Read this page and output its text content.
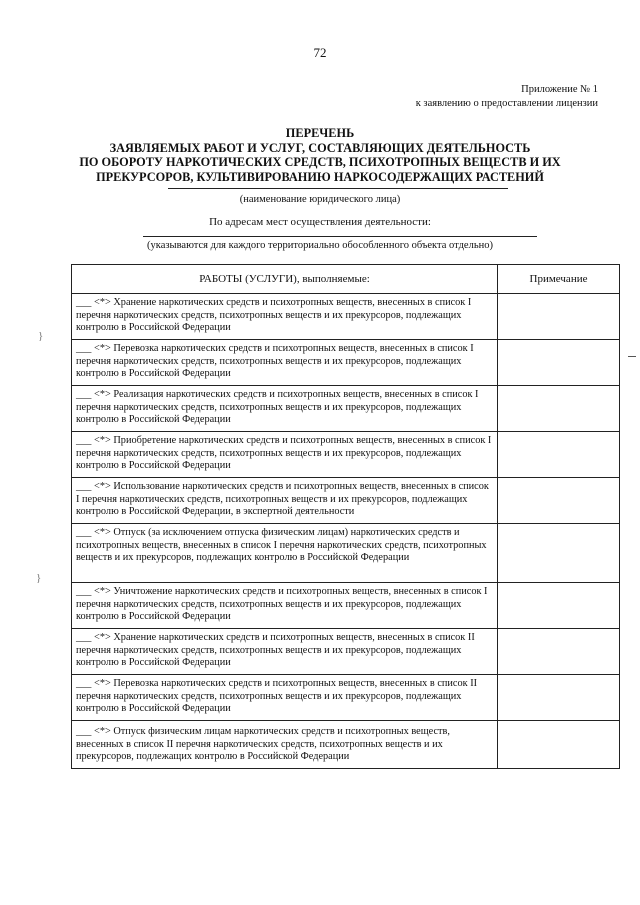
72
Приложение № 1
к заявлению о предоставлении лицензии
ПЕРЕЧЕНЬ
ЗАЯВЛЯЕМЫХ РАБОТ И УСЛУГ, СОСТАВЛЯЮЩИХ ДЕЯТЕЛЬНОСТЬ
ПО ОБОРОТУ НАРКОТИЧЕСКИХ СРЕДСТВ, ПСИХОТРОПНЫХ ВЕЩЕСТВ И ИХ
ПРЕКУРСОРОВ, КУЛЬТИВИРОВАНИЮ НАРКОСОДЕРЖАЩИХ РАСТЕНИЙ
(наименование юридического лица)
По адресам мест осуществления деятельности:
(указываются для каждого территориально обособленного объекта отдельно)
РАБОТЫ (УСЛУГИ), выполняемые:	Примечание
___ <*> Хранение наркотических средств и психотропных веществ, внесенных в список I перечня наркотических средств, психотропных веществ и их прекурсоров, подлежащих контролю в Российской Федерации	
___ <*> Перевозка наркотических средств и психотропных веществ, внесенных в список I перечня наркотических средств, психотропных веществ и их прекурсоров, подлежащих контролю в Российской Федерации	
___ <*> Реализация наркотических средств и психотропных веществ, внесенных в список I перечня наркотических средств, психотропных веществ и их прекурсоров, подлежащих контролю в Российской Федерации	
___ <*> Приобретение наркотических средств и психотропных веществ, внесенных в список I перечня наркотических средств, психотропных веществ и их прекурсоров, подлежащих контролю в Российской Федерации	
___ <*> Использование наркотических средств и психотропных веществ, внесенных в список I перечня наркотических средств, психотропных веществ и их прекурсоров, подлежащих контролю в Российской Федерации, в экспертной деятельности	
___ <*> Отпуск (за исключением отпуска физическим лицам) наркотических средств и психотропных веществ, внесенных в список I перечня наркотических средств, психотропных веществ и их прекурсоров, подлежащих контролю в Российской Федерации	
___ <*> Уничтожение наркотических средств и психотропных веществ, внесенных в список I перечня наркотических средств, психотропных веществ и их прекурсоров, подлежащих контролю в Российской Федерации	
___ <*> Хранение наркотических средств и психотропных веществ, внесенных в список II перечня наркотических средств, психотропных веществ и их прекурсоров, подлежащих контролю в Российской Федерации	
___ <*> Перевозка наркотических средств и психотропных веществ, внесенных в список II перечня наркотических средств, психотропных веществ и их прекурсоров, подлежащих контролю в Российской Федерации	
___ <*> Отпуск физическим лицам наркотических средств и психотропных веществ, внесенных в список II перечня наркотических средств, психотропных веществ и их прекурсоров, подлежащих контролю в Российской Федерации	
}
}
